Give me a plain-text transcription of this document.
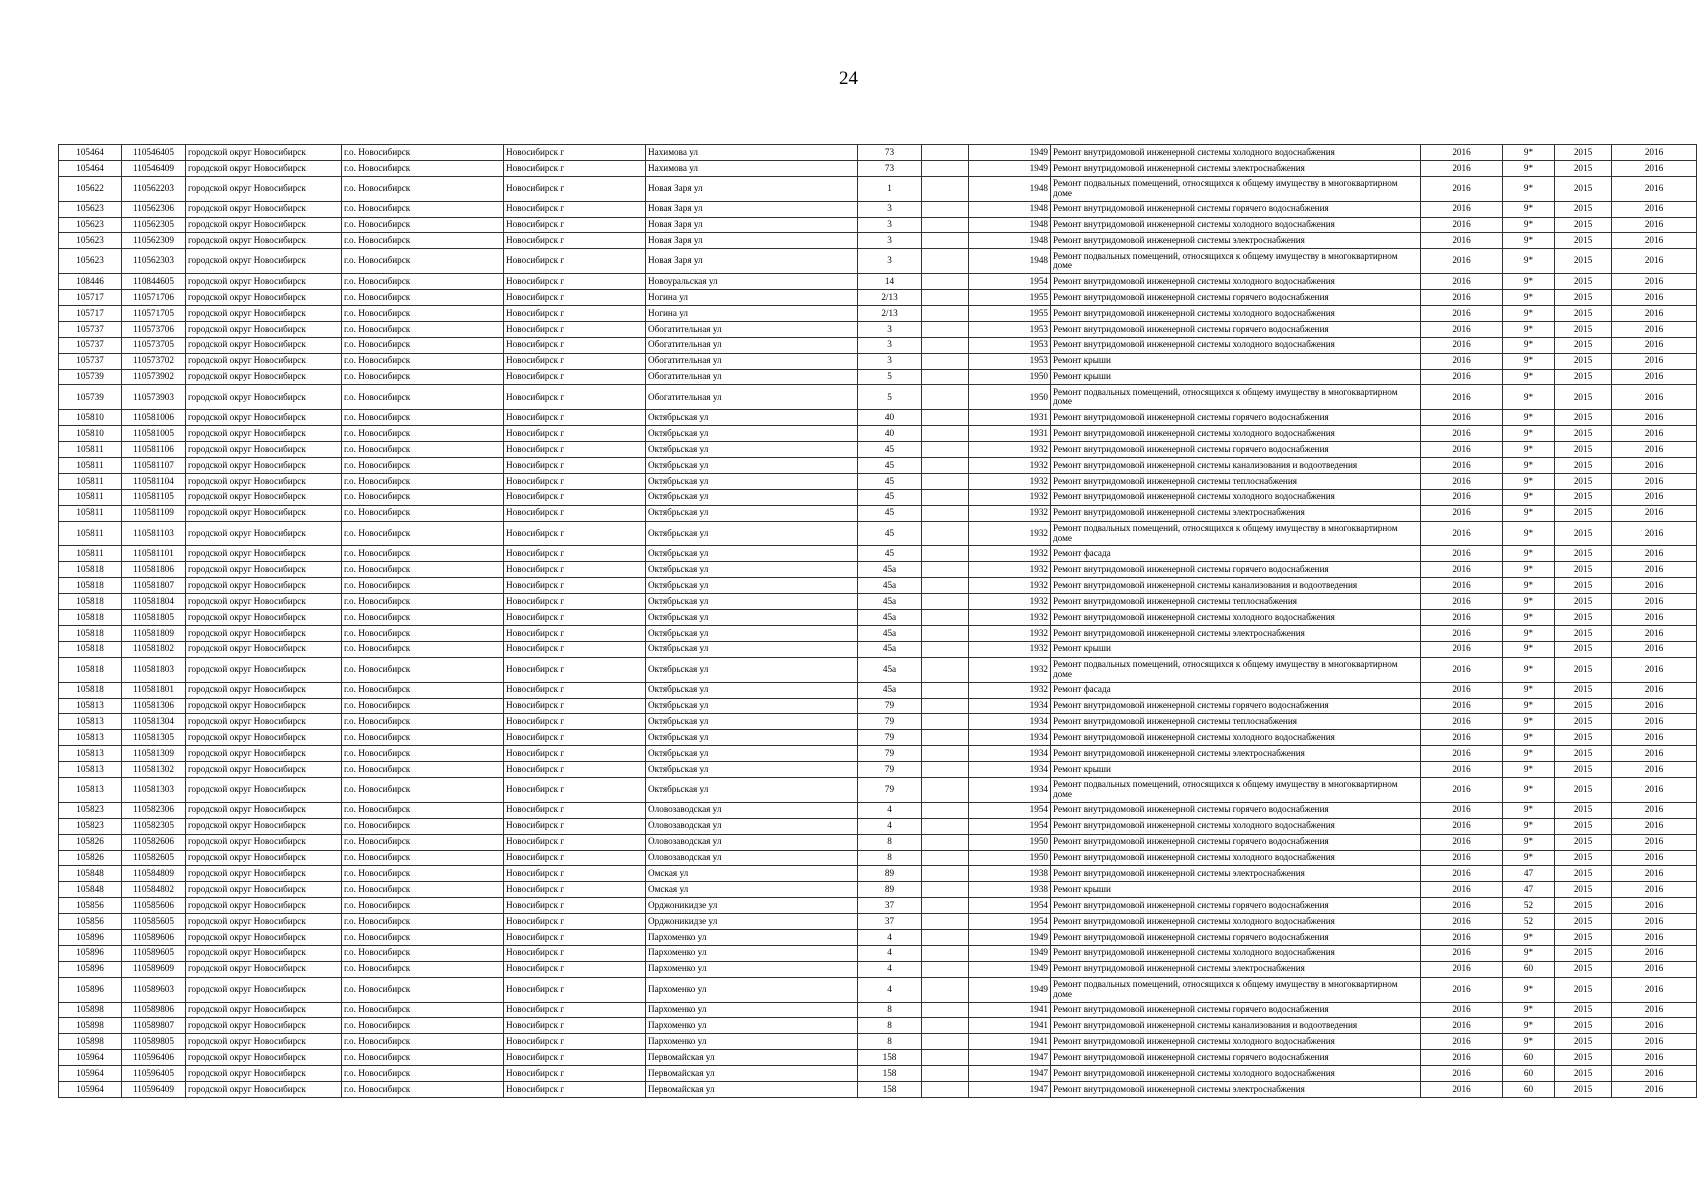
24
105464	110546405	городской округ Новосибирск	г.о. Новосибирск	Новосибирск г	Нахимова ул	73		1949	Ремонт внутридомовой инженерной системы холодного водоснабжения	2016	9*	2015	2016
105464	110546409	городской округ Новосибирск	г.о. Новосибирск	Новосибирск г	Нахимова ул	73		1949	Ремонт внутридомовой инженерной системы электроснабжения	2016	9*	2015	2016
105622	110562203	городской округ Новосибирск	г.о. Новосибирск	Новосибирск г	Новая Заря ул	1		1948	Ремонт подвальных помещений, относящихся к общему имуществу в многоквартирном доме	2016	9*	2015	2016
105623	110562306	городской округ Новосибирск	г.о. Новосибирск	Новосибирск г	Новая Заря ул	3		1948	Ремонт внутридомовой инженерной системы горячего водоснабжения	2016	9*	2015	2016
105623	110562305	городской округ Новосибирск	г.о. Новосибирск	Новосибирск г	Новая Заря ул	3		1948	Ремонт внутридомовой инженерной системы холодного водоснабжения	2016	9*	2015	2016
105623	110562309	городской округ Новосибирск	г.о. Новосибирск	Новосибирск г	Новая Заря ул	3		1948	Ремонт внутридомовой инженерной системы электроснабжения	2016	9*	2015	2016
105623	110562303	городской округ Новосибирск	г.о. Новосибирск	Новосибирск г	Новая Заря ул	3		1948	Ремонт подвальных помещений, относящихся к общему имуществу в многоквартирном доме	2016	9*	2015	2016
108446	110844605	городской округ Новосибирск	г.о. Новосибирск	Новосибирск г	Новоуральская ул	14		1954	Ремонт внутридомовой инженерной системы холодного водоснабжения	2016	9*	2015	2016
105717	110571706	городской округ Новосибирск	г.о. Новосибирск	Новосибирск г	Ногина ул	2/13		1955	Ремонт внутридомовой инженерной системы горячего водоснабжения	2016	9*	2015	2016
105717	110571705	городской округ Новосибирск	г.о. Новосибирск	Новосибирск г	Ногина ул	2/13		1955	Ремонт внутридомовой инженерной системы холодного водоснабжения	2016	9*	2015	2016
105737	110573706	городской округ Новосибирск	г.о. Новосибирск	Новосибирск г	Обогатительная ул	3		1953	Ремонт внутридомовой инженерной системы горячего водоснабжения	2016	9*	2015	2016
105737	110573705	городской округ Новосибирск	г.о. Новосибирск	Новосибирск г	Обогатительная ул	3		1953	Ремонт внутридомовой инженерной системы холодного водоснабжения	2016	9*	2015	2016
105737	110573702	городской округ Новосибирск	г.о. Новосибирск	Новосибирск г	Обогатительная ул	3		1953	Ремонт крыши	2016	9*	2015	2016
105739	110573902	городской округ Новосибирск	г.о. Новосибирск	Новосибирск г	Обогатительная ул	5		1950	Ремонт крыши	2016	9*	2015	2016
105739	110573903	городской округ Новосибирск	г.о. Новосибирск	Новосибирск г	Обогатительная ул	5		1950	Ремонт подвальных помещений, относящихся к общему имуществу в многоквартирном доме	2016	9*	2015	2016
105810	110581006	городской округ Новосибирск	г.о. Новосибирск	Новосибирск г	Октябрьская ул	40		1931	Ремонт внутридомовой инженерной системы горячего водоснабжения	2016	9*	2015	2016
105810	110581005	городской округ Новосибирск	г.о. Новосибирск	Новосибирск г	Октябрьская ул	40		1931	Ремонт внутридомовой инженерной системы холодного водоснабжения	2016	9*	2015	2016
105811	110581106	городской округ Новосибирск	г.о. Новосибирск	Новосибирск г	Октябрьская ул	45		1932	Ремонт внутридомовой инженерной системы горячего водоснабжения	2016	9*	2015	2016
105811	110581107	городской округ Новосибирск	г.о. Новосибирск	Новосибирск г	Октябрьская ул	45		1932	Ремонт внутридомовой инженерной системы канализования и водоотведения	2016	9*	2015	2016
105811	110581104	городской округ Новосибирск	г.о. Новосибирск	Новосибирск г	Октябрьская ул	45		1932	Ремонт внутридомовой инженерной системы теплоснабжения	2016	9*	2015	2016
105811	110581105	городской округ Новосибирск	г.о. Новосибирск	Новосибирск г	Октябрьская ул	45		1932	Ремонт внутридомовой инженерной системы холодного водоснабжения	2016	9*	2015	2016
105811	110581109	городской округ Новосибирск	г.о. Новосибирск	Новосибирск г	Октябрьская ул	45		1932	Ремонт внутридомовой инженерной системы электроснабжения	2016	9*	2015	2016
105811	110581103	городской округ Новосибирск	г.о. Новосибирск	Новосибирск г	Октябрьская ул	45		1932	Ремонт подвальных помещений, относящихся к общему имуществу в многоквартирном доме	2016	9*	2015	2016
105811	110581101	городской округ Новосибирск	г.о. Новосибирск	Новосибирск г	Октябрьская ул	45		1932	Ремонт фасада	2016	9*	2015	2016
105818	110581806	городской округ Новосибирск	г.о. Новосибирск	Новосибирск г	Октябрьская ул	45а		1932	Ремонт внутридомовой инженерной системы горячего водоснабжения	2016	9*	2015	2016
105818	110581807	городской округ Новосибирск	г.о. Новосибирск	Новосибирск г	Октябрьская ул	45а		1932	Ремонт внутридомовой инженерной системы канализования и водоотведения	2016	9*	2015	2016
105818	110581804	городской округ Новосибирск	г.о. Новосибирск	Новосибирск г	Октябрьская ул	45а		1932	Ремонт внутридомовой инженерной системы теплоснабжения	2016	9*	2015	2016
105818	110581805	городской округ Новосибирск	г.о. Новосибирск	Новосибирск г	Октябрьская ул	45а		1932	Ремонт внутридомовой инженерной системы холодного водоснабжения	2016	9*	2015	2016
105818	110581809	городской округ Новосибирск	г.о. Новосибирск	Новосибирск г	Октябрьская ул	45а		1932	Ремонт внутридомовой инженерной системы электроснабжения	2016	9*	2015	2016
105818	110581802	городской округ Новосибирск	г.о. Новосибирск	Новосибирск г	Октябрьская ул	45а		1932	Ремонт крыши	2016	9*	2015	2016
105818	110581803	городской округ Новосибирск	г.о. Новосибирск	Новосибирск г	Октябрьская ул	45а		1932	Ремонт подвальных помещений, относящихся к общему имуществу в многоквартирном доме	2016	9*	2015	2016
105818	110581801	городской округ Новосибирск	г.о. Новосибирск	Новосибирск г	Октябрьская ул	45а		1932	Ремонт фасада	2016	9*	2015	2016
105813	110581306	городской округ Новосибирск	г.о. Новосибирск	Новосибирск г	Октябрьская ул	79		1934	Ремонт внутридомовой инженерной системы горячего водоснабжения	2016	9*	2015	2016
105813	110581304	городской округ Новосибирск	г.о. Новосибирск	Новосибирск г	Октябрьская ул	79		1934	Ремонт внутридомовой инженерной системы теплоснабжения	2016	9*	2015	2016
105813	110581305	городской округ Новосибирск	г.о. Новосибирск	Новосибирск г	Октябрьская ул	79		1934	Ремонт внутридомовой инженерной системы холодного водоснабжения	2016	9*	2015	2016
105813	110581309	городской округ Новосибирск	г.о. Новосибирск	Новосибирск г	Октябрьская ул	79		1934	Ремонт внутридомовой инженерной системы электроснабжения	2016	9*	2015	2016
105813	110581302	городской округ Новосибирск	г.о. Новосибирск	Новосибирск г	Октябрьская ул	79		1934	Ремонт крыши	2016	9*	2015	2016
105813	110581303	городской округ Новосибирск	г.о. Новосибирск	Новосибирск г	Октябрьская ул	79		1934	Ремонт подвальных помещений, относящихся к общему имуществу в многоквартирном доме	2016	9*	2015	2016
105823	110582306	городской округ Новосибирск	г.о. Новосибирск	Новосибирск г	Оловозаводская ул	4		1954	Ремонт внутридомовой инженерной системы горячего водоснабжения	2016	9*	2015	2016
105823	110582305	городской округ Новосибирск	г.о. Новосибирск	Новосибирск г	Оловозаводская ул	4		1954	Ремонт внутридомовой инженерной системы холодного водоснабжения	2016	9*	2015	2016
105826	110582606	городской округ Новосибирск	г.о. Новосибирск	Новосибирск г	Оловозаводская ул	8		1950	Ремонт внутридомовой инженерной системы горячего водоснабжения	2016	9*	2015	2016
105826	110582605	городской округ Новосибирск	г.о. Новосибирск	Новосибирск г	Оловозаводская ул	8		1950	Ремонт внутридомовой инженерной системы холодного водоснабжения	2016	9*	2015	2016
105848	110584809	городской округ Новосибирск	г.о. Новосибирск	Новосибирск г	Омская ул	89		1938	Ремонт внутридомовой инженерной системы электроснабжения	2016	47	2015	2016
105848	110584802	городской округ Новосибирск	г.о. Новосибирск	Новосибирск г	Омская ул	89		1938	Ремонт крыши	2016	47	2015	2016
105856	110585606	городской округ Новосибирск	г.о. Новосибирск	Новосибирск г	Орджоникидзе ул	37		1954	Ремонт внутридомовой инженерной системы горячего водоснабжения	2016	52	2015	2016
105856	110585605	городской округ Новосибирск	г.о. Новосибирск	Новосибирск г	Орджоникидзе ул	37		1954	Ремонт внутридомовой инженерной системы холодного водоснабжения	2016	52	2015	2016
105896	110589606	городской округ Новосибирск	г.о. Новосибирск	Новосибирск г	Пархоменко ул	4		1949	Ремонт внутридомовой инженерной системы горячего водоснабжения	2016	9*	2015	2016
105896	110589605	городской округ Новосибирск	г.о. Новосибирск	Новосибирск г	Пархоменко ул	4		1949	Ремонт внутридомовой инженерной системы холодного водоснабжения	2016	9*	2015	2016
105896	110589609	городской округ Новосибирск	г.о. Новосибирск	Новосибирск г	Пархоменко ул	4		1949	Ремонт внутридомовой инженерной системы электроснабжения	2016	60	2015	2016
105896	110589603	городской округ Новосибирск	г.о. Новосибирск	Новосибирск г	Пархоменко ул	4		1949	Ремонт подвальных помещений, относящихся к общему имуществу в многоквартирном доме	2016	9*	2015	2016
105898	110589806	городской округ Новосибирск	г.о. Новосибирск	Новосибирск г	Пархоменко ул	8		1941	Ремонт внутридомовой инженерной системы горячего водоснабжения	2016	9*	2015	2016
105898	110589807	городской округ Новосибирск	г.о. Новосибирск	Новосибирск г	Пархоменко ул	8		1941	Ремонт внутридомовой инженерной системы канализования и водоотведения	2016	9*	2015	2016
105898	110589805	городской округ Новосибирск	г.о. Новосибирск	Новосибирск г	Пархоменко ул	8		1941	Ремонт внутридомовой инженерной системы холодного водоснабжения	2016	9*	2015	2016
105964	110596406	городской округ Новосибирск	г.о. Новосибирск	Новосибирск г	Первомайская ул	158		1947	Ремонт внутридомовой инженерной системы горячего водоснабжения	2016	60	2015	2016
105964	110596405	городской округ Новосибирск	г.о. Новосибирск	Новосибирск г	Первомайская ул	158		1947	Ремонт внутридомовой инженерной системы холодного водоснабжения	2016	60	2015	2016
105964	110596409	городской округ Новосибирск	г.о. Новосибирск	Новосибирск г	Первомайская ул	158		1947	Ремонт внутридомовой инженерной системы электроснабжения	2016	60	2015	2016
